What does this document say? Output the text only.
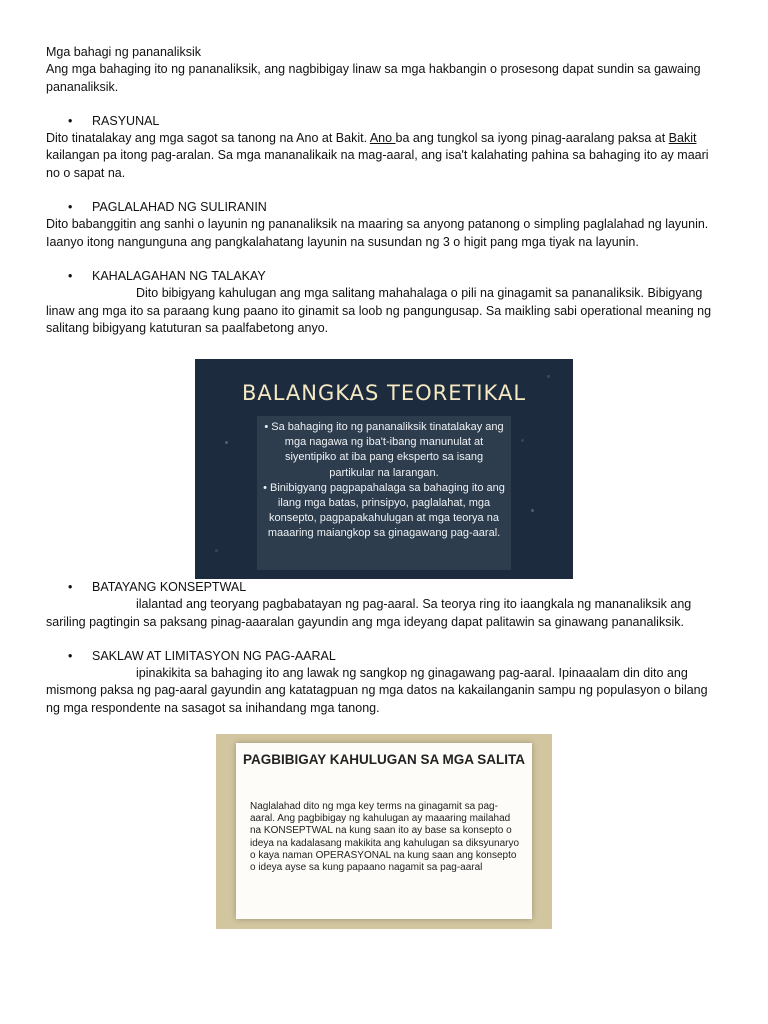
Mga bahagi ng pananaliksik

Ang mga bahaging ito ng pananaliksik, ang nagbibigay linaw sa mga hakbangin o prosesong dapat sundin sa gawaing pananaliksik.

• RASYUNAL

Dito tinatalakay ang mga sagot sa tanong na Ano at Bakit. Ano ba ang tungkol sa iyong pinag-aaralang paksa at Bakit kailangan pa itong pag-aralan. Sa mga mananalikaik na mag-aaral, ang isa't kalahating pahina sa bahaging ito ay maari no o sapat na.

• PAGLALAHAD NG SULIRANIN

Dito babanggitin ang sanhi o layunin ng pananaliksik na maaring sa anyong patanong o simpling paglalahad ng layunin. Iaanyo itong nangunguna ang pangkalahatang layunin na susundan ng 3 o higit pang mga tiyak na layunin.

• KAHALAGAHAN NG TALAKAY

Dito bibigyang kahulugan ang mga salitang mahahalaga o pili na ginagamit sa pananaliksik. Bibigyang linaw ang mga ito sa paraang kung paano ito ginamit sa loob ng pangungusap. Sa maikling sabi operational meaning ng salitang bibigyang katuturan sa paalfabetong anyo.

BALANGKAS TEORETIKAL

• Sa bahaging ito ng pananaliksik tinatalakay ang mga nagawa ng iba't-ibang manunulat at siyentipiko at iba pang eksperto sa isang partikular na larangan.

• Binibigyang pagpapahalaga sa bahaging ito ang ilang mga batas, prinsipyo, paglalahat, mga konsepto, pagpapakahulugan at mga teorya na maaaring maiangkop sa ginagawang pag-aaral.

• BATAYANG KONSEPTWAL

ilalantad ang teoryang pagbabatayan ng pag-aaral. Sa teorya ring ito iaangkala ng mananaliksik ang sariling pagtingin sa paksang pinag-aaaralan gayundin ang mga ideyang dapat palitawin sa ginawang pananaliksik.

• SAKLAW AT LIMITASYON NG PAG-AARAL

ipinakikita sa bahaging ito ang lawak ng sangkop ng ginagawang pag-aaral. Ipinaaalam din dito ang mismong paksa ng pag-aaral gayundin ang katatagpuan ng mga datos na kakailanganin sampu ng populasyon o bilang ng mga respondente na sasagot sa inihandang mga tanong.

PAGBIBIGAY KAHULUGAN SA MGA SALITA
Naglalahad dito ng mga key terms na ginagamit sa pag-aaral. Ang pagbibigay ng kahulugan ay maaaring mailahad na KONSEPTWAL na kung saan ito ay base sa konsepto o ideya na kadalasang makikita ang kahulugan sa diksyunaryo o kaya naman OPERASYONAL na kung saan ang konsepto o ideya ayse sa kung papaano nagamit sa pag-aaral
